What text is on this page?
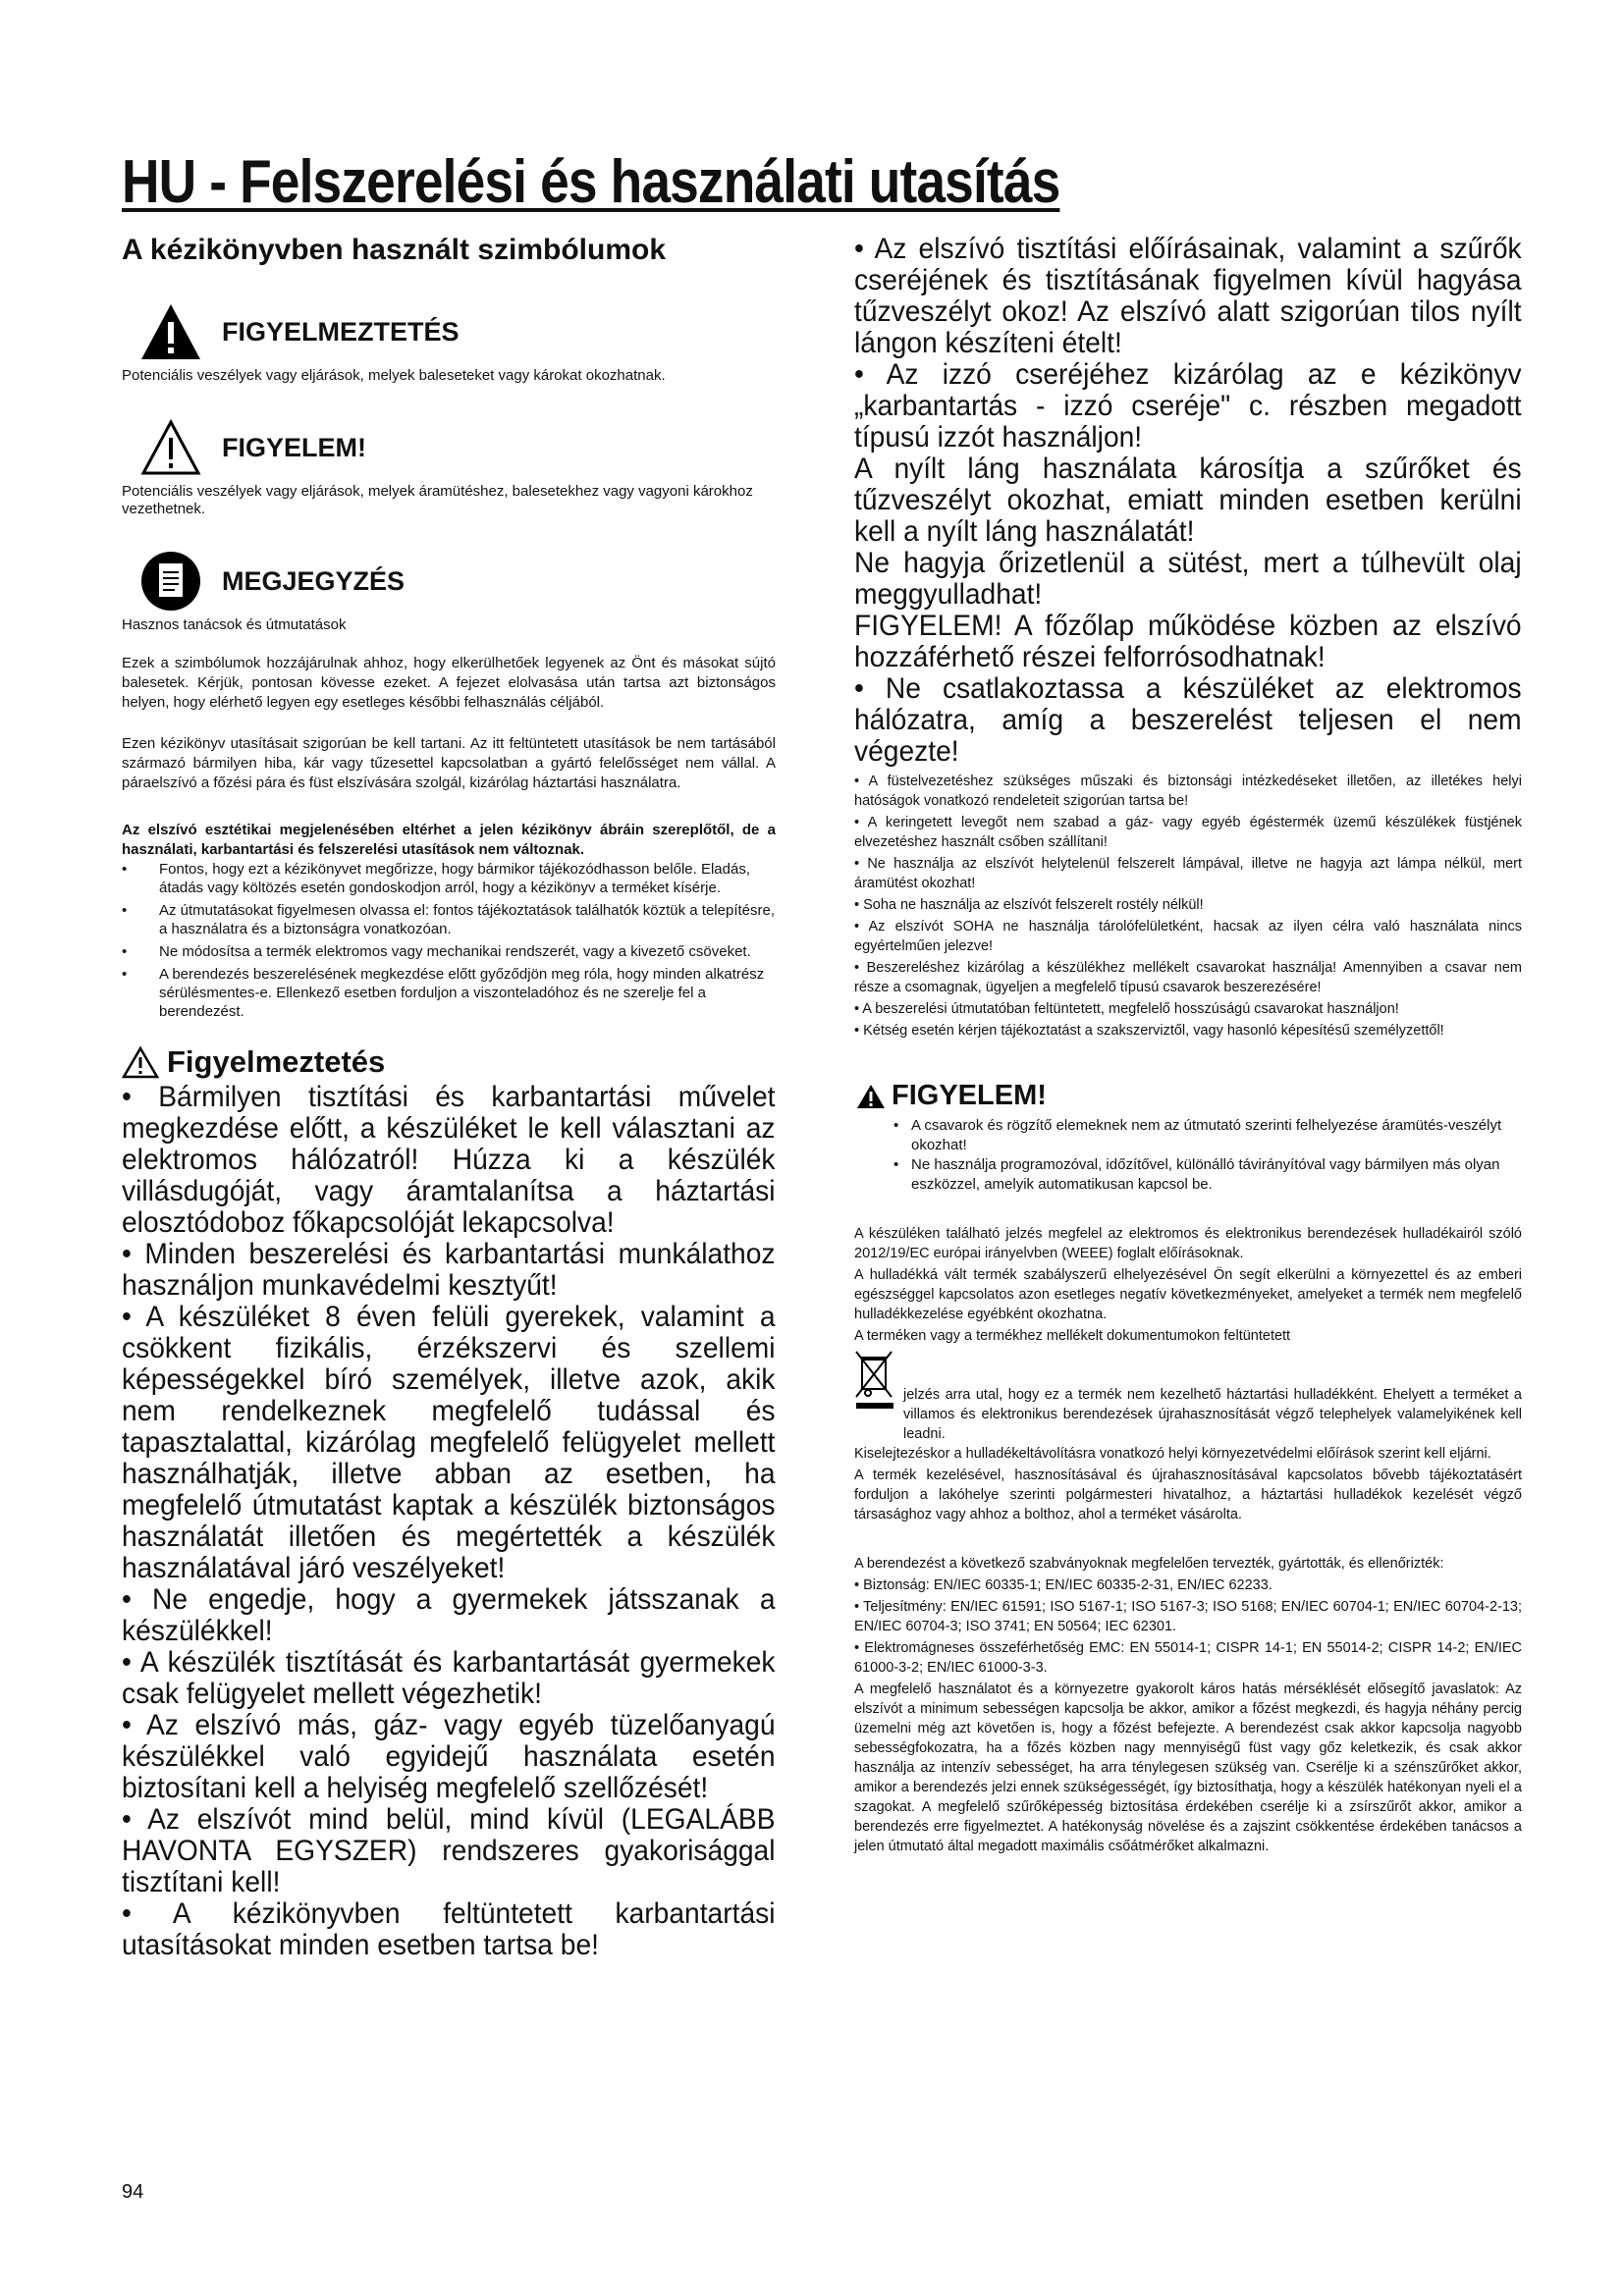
HU - Felszerelési és használati utasítás
A kézikönyvben használt szimbólumok
FIGYELMEZTETÉS
Potenciális veszélyek vagy eljárások, melyek baleseteket vagy károkat okozhatnak.
FIGYELEM!
Potenciális veszélyek vagy eljárások, melyek áramütéshez, balesetekhez vagy vagyoni károkhoz vezethetnek.
MEGJEGYZÉS
Hasznos tanácsok és útmutatások

Ezek a szimbólumok hozzájárulnak ahhoz, hogy elkerülhetőek legyenek az Önt és másokat sújtó balesetek. Kérjük, pontosan kövesse ezeket. A fejezet elolvasása után tartsa azt biztonságos helyen, hogy elérhető legyen egy esetleges későbbi felhasználás céljából.

Ezen kézikönyv utasításait szigorúan be kell tartani. Az itt feltüntetett utasítások be nem tartásából származó bármilyen hiba, kár vagy tűzesettel kapcsolatban a gyártó felelősséget nem vállal. A páraelszívó a főzési pára és füst elszívására szolgál, kizárólag háztartási használatra.

Az elszívó esztétikai megjelenésében eltérhet a jelen kézikönyv ábráin szereplőtől, de a használati, karbantartási és felszerelési utasítások nem változnak.

• Fontos, hogy ezt a kézikönyvet megőrizze, hogy bármikor tájékozódhasson belőle. Eladás, átadás vagy költözés esetén gondoskodjon arról, hogy a kézikönyv a terméket kísérje.
• Az útmutatásokat figyelmesen olvassa el: fontos tájékoztatások találhatók köztük a telepítésre, a használatra és a biztonságra vonatkozóan.
• Ne módosítsa a termék elektromos vagy mechanikai rendszerét, vagy a kivezető csöveket.
• A berendezés beszerelésének megkezdése előtt győződjön meg róla, hogy minden alkatrész sérülésmentes-e. Ellenkező esetben forduljon a viszonteladóhoz és ne szerelje fel a berendezést.
Figyelmeztetés

• Bármilyen tisztítási és karbantartási művelet megkezdése előtt, a készüléket le kell választani az elektromos hálózatról! Húzza ki a készülék villásdugóját, vagy áramtalanítsa a háztartási elosztódoboz főkapcsolóját lekapcsolva!

• Minden beszerelési és karbantartási munkálathoz használjon munkavédelmi kesztyűt!

• A készüléket 8 éven felüli gyerekek, valamint a csökkent fizikális, érzékszervi és szellemi képességekkel bíró személyek, illetve azok, akik nem rendelkeznek megfelelő tudással és tapasztalattal, kizárólag megfelelő felügyelet mellett használhatják, illetve abban az esetben, ha megfelelő útmutatást kaptak a készülék biztonságos használatát illetően és megértették a készülék használatával járó veszélyeket!

• Ne engedje, hogy a gyermekek játsszanak a készülékkel!

• A készülék tisztítását és karbantartását gyermekek csak felügyelet mellett végezhetik!

• Az elszívó más, gáz- vagy egyéb tüzelőanyagú készülékkel való egyidejű használata esetén biztosítani kell a helyiség megfelelő szellőzését!

• Az elszívót mind belül, mind kívül (LEGALÁBB HAVONTA EGYSZER) rendszeres gyakorisággal tisztítani kell!

• A kézikönyvben feltüntetett karbantartási utasításokat minden esetben tartsa be!

• Az elszívó tisztítási előírásainak, valamint a szűrők cseréjének és tisztításának figyelmen kívül hagyása tűzveszélyt okoz! Az elszívó alatt szigorúan tilos nyílt lángon készíteni ételt!

• Az izzó cseréjéhez kizárólag az e kézikönyv „karbantartás - izzó cseréje" c. részben megadott típusú izzót használjon!

A nyílt láng használata károsítja a szűrőket és tűzveszélyt okozhat, emiatt minden esetben kerülni kell a nyílt láng használatát!

Ne hagyja őrizetlenül a sütést, mert a túlhevült olaj meggyulladhat!

FIGYELEM! A főzőlap működése közben az elszívó hozzáférhető részei felforrósodhatnak!

• Ne csatlakoztassa a készüléket az elektromos hálózatra, amíg a beszerelést teljesen el nem végezte!

• A füstelvezetéshez szükséges műszaki és biztonsági intézkedéseket illetően, az illetékes helyi hatóságok vonatkozó rendeleteit szigorúan tartsa be!

• A keringetett levegőt nem szabad a gáz- vagy egyéb égéstermék üzemű készülékek füstjének elvezetéshez használt csőben szállítani!

• Ne használja az elszívót helytelenül felszerelt lámpával, illetve ne hagyja azt lámpa nélkül, mert áramütést okozhat!

• Soha ne használja az elszívót felszerelt rostély nélkül!

• Az elszívót SOHA ne használja tárolófelületként, hacsak az ilyen célra való használata nincs egyértelműen jelezve!

• Beszereléshez kizárólag a készülékhez mellékelt csavarokat használja! Amennyiben a csavar nem része a csomagnak, ügyeljen a megfelelő típusú csavarok beszerezésére!

• A beszerelési útmutatóban feltüntetett, megfelelő hosszúságú csavarokat használjon!

• Kétség esetén kérjen tájékoztatást a szakszerviztől, vagy hasonló képesítésű személyzettől!

FIGYELEM!
• A csavarok és rögzítő elemeknek nem az útmutató szerinti felhelyezése áramütés-veszélyt okozhat!
• Ne használja programozóval, időzítővel, különálló távirányítóval vagy bármilyen más olyan eszközzel, amelyik automatikusan kapcsol be.

A készüléken található jelzés megfelel az elektromos és elektronikus berendezések hulladékairól szóló 2012/19/EC európai irányelvben (WEEE) foglalt előírásoknak.

A hulladékká vált termék szabályszerű elhelyezésével Ön segít elkerülni a környezettel és az emberi egészséggel kapcsolatos azon esetleges negatív következményeket, amelyeket a termék nem megfelelő hulladékkezelése egyébként okozhatna.

A terméken vagy a termékhez mellékelt dokumentumokon feltüntetett

jelzés arra utal, hogy ez a termék nem kezelhető háztartási hulladékként. Ehelyett a terméket a villamos és elektronikus berendezések újrahasznosítását végző telephelyek valamelyikének kell leadni.

Kiselejtezéskor a hulladékeltávolításra vonatkozó helyi környezetvédelmi előírások szerint kell eljárni.

A termék kezelésével, hasznosításával és újrahasznosításával kapcsolatos bővebb tájékoztatásért forduljon a lakóhelye szerinti polgármesteri hivatalhoz, a háztartási hulladékok kezelését végző társasághoz vagy ahhoz a bolthoz, ahol a terméket vásárolta.

A berendezést a következő szabványoknak megfelelően tervezték, gyártották, és ellenőrizték:

• Biztonság: EN/IEC 60335-1; EN/IEC 60335-2-31, EN/IEC 62233.

• Teljesítmény: EN/IEC 61591; ISO 5167-1; ISO 5167-3; ISO 5168; EN/IEC 60704-1; EN/IEC 60704-2-13; EN/IEC 60704-3; ISO 3741; EN 50564; IEC 62301.

• Elektromágneses összeférhetőség EMC: EN 55014-1; CISPR 14-1; EN 55014-2; CISPR 14-2; EN/IEC 61000-3-2; EN/IEC 61000-3-3.

A megfelelő használatot és a környezetre gyakorolt káros hatás mérséklését elősegítő javaslatok: Az elszívót a minimum sebességen kapcsolja be akkor, amikor a főzést megkezdi, és hagyja néhány percig üzemelni még azt követően is, hogy a főzést befejezte. A berendezést csak akkor kapcsolja nagyobb sebességfokozatra, ha a főzés közben nagy mennyiségű füst vagy gőz keletkezik, és csak akkor használja az intenzív sebességet, ha arra ténylegesen szükség van. Cserélje ki a szénszűrőket akkor, amikor a berendezés jelzi ennek szükségességét, így biztosíthatja, hogy a készülék hatékonyan nyeli el a szagokat. A megfelelő szűrőképesség biztosítása érdekében cserélje ki a zsírszűrőt akkor, amikor a berendezés erre figyelmeztet. A hatékonyság növelése és a zajszint csökkentése érdekében tanácsos a jelen útmutató által megadott maximális csőátmérőket alkalmazni.

94
